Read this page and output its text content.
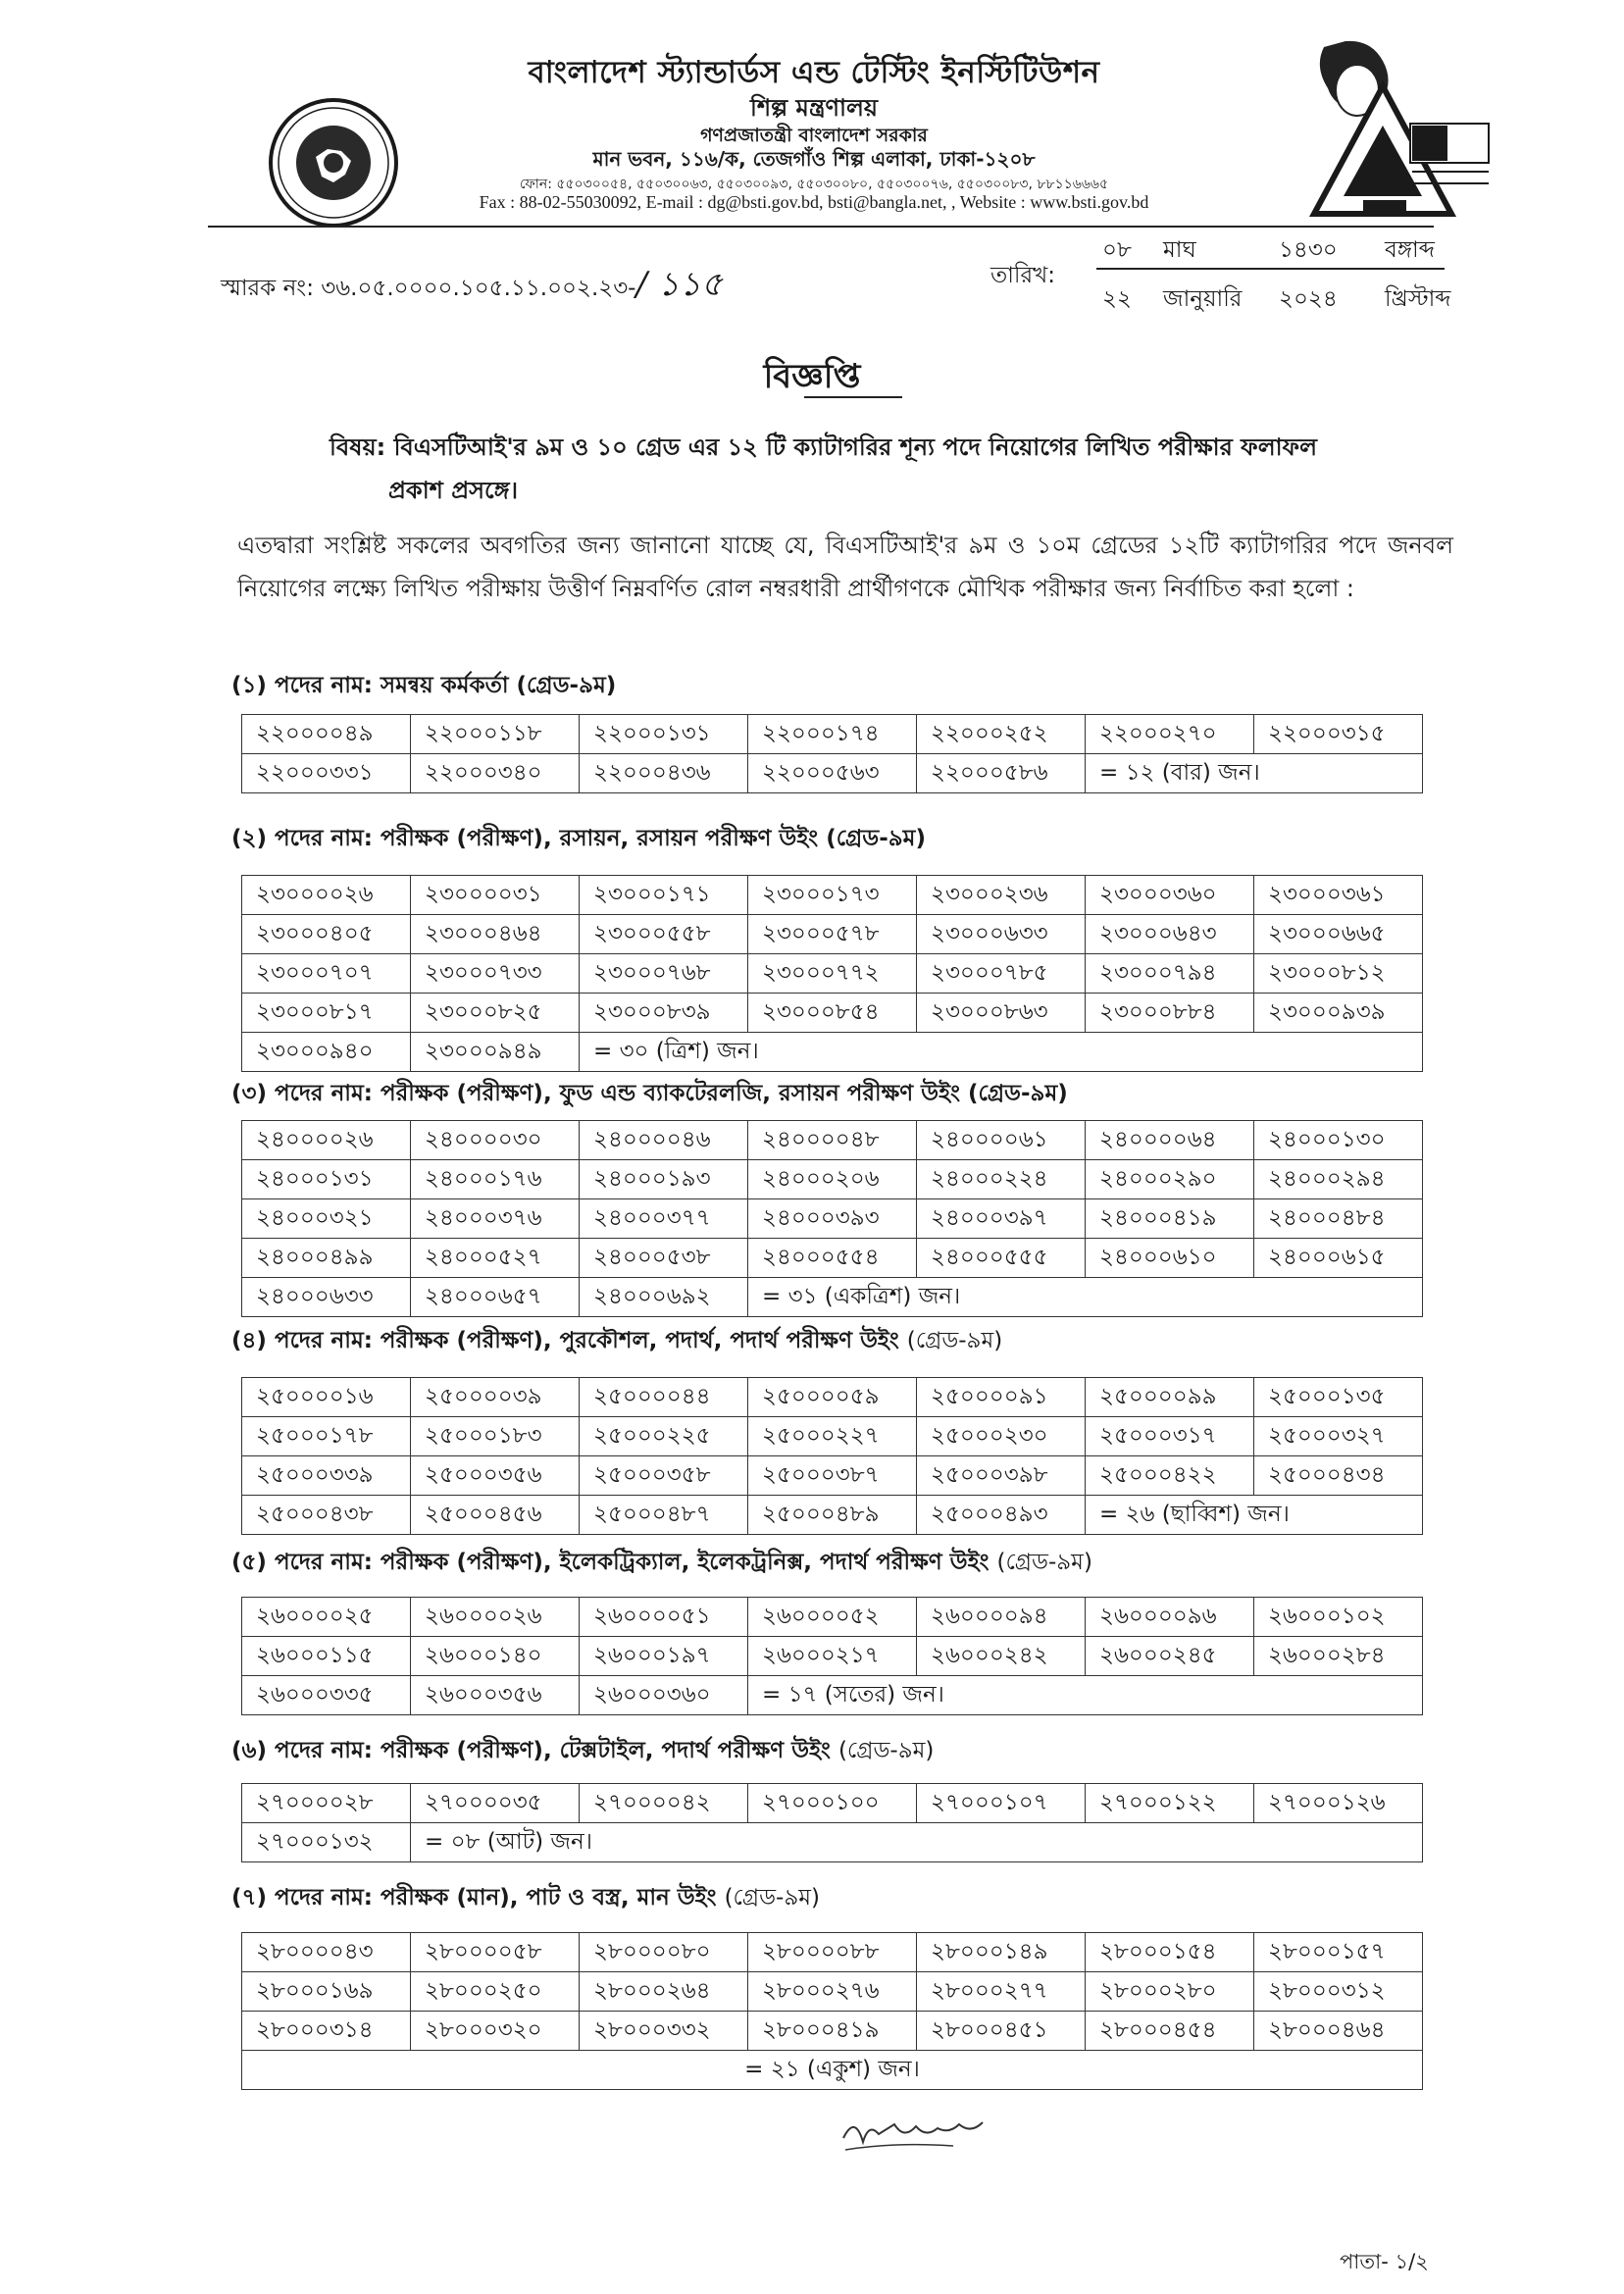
বাংলাদেশ স্ট্যান্ডার্ডস এন্ড টেস্টিং ইনস্টিটিউশন
শিল্প মন্ত্রণালয়
গণপ্রজাতন্ত্রী বাংলাদেশ সরকার
মান ভবন, ১১৬/ক, তেজগাঁও শিল্প এলাকা, ঢাকা-১২০৮
ফোন: ৫৫০৩০০৫৪, ৫৫০৩০০৬৩, ৫৫০৩০০৯৩, ৫৫০৩০০৮০, ৫৫০৩০০৭৬, ৫৫০৩০০৮৩, ৮৮১১৬৬৬৫
Fax : 88-02-55030092, E-mail : dg@bsti.gov.bd, bsti@bangla.net, , Website : www.bsti.gov.bd
স্মারক নং: ৩৬.০৫.০০০০.১০৫.১১.০০২.২৩-/ ১১৫	তারিখ:
০৮	মাঘ	১৪৩০	বঙ্গাব্দ
২২	জানুয়ারি	২০২৪	খ্রিস্টাব্দ
বিজ্ঞপ্তি
বিষয়: বিএসটিআই'র ৯ম ও ১০ গ্রেড এর ১২ টি ক্যাটাগরির শূন্য পদে নিয়োগের লিখিত পরীক্ষার ফলাফল
প্রকাশ প্রসঙ্গে।
এতদ্বারা সংশ্লিষ্ট সকলের অবগতির জন্য জানানো যাচ্ছে যে, বিএসটিআই'র ৯ম ও ১০ম গ্রেডের ১২টি ক্যাটাগরির পদে জনবল নিয়োগের লক্ষ্যে লিখিত পরীক্ষায় উত্তীর্ণ নিম্নবর্ণিত রোল নম্বরধারী প্রার্থীগণকে মৌখিক পরীক্ষার জন্য নির্বাচিত করা হলো :
(১) পদের নাম: সমন্বয় কর্মকর্তা (গ্রেড-৯ম)
২২০০০০৪৯	২২০০০১১৮	২২০০০১৩১	২২০০০১৭৪	২২০০০২৫২	২২০০০২৭০	২২০০০৩১৫
২২০০০৩৩১	২২০০০৩৪০	২২০০০৪৩৬	২২০০০৫৬৩	২২০০০৫৮৬	= ১২ (বার) জন।	
(২) পদের নাম: পরীক্ষক (পরীক্ষণ), রসায়ন, রসায়ন পরীক্ষণ উইং (গ্রেড-৯ম)
২৩০০০০২৬	২৩০০০০৩১	২৩০০০১৭১	২৩০০০১৭৩	২৩০০০২৩৬	২৩০০০৩৬০	২৩০০০৩৬১
২৩০০০৪০৫	২৩০০০৪৬৪	২৩০০০৫৫৮	২৩০০০৫৭৮	২৩০০০৬৩৩	২৩০০০৬৪৩	২৩০০০৬৬৫
২৩০০০৭০৭	২৩০০০৭৩৩	২৩০০০৭৬৮	২৩০০০৭৭২	২৩০০০৭৮৫	২৩০০০৭৯৪	২৩০০০৮১২
২৩০০০৮১৭	২৩০০০৮২৫	২৩০০০৮৩৯	২৩০০০৮৫৪	২৩০০০৮৬৩	২৩০০০৮৮৪	২৩০০০৯৩৯
২৩০০০৯৪০	২৩০০০৯৪৯	= ৩০ (ত্রিশ) জন।				
(৩) পদের নাম: পরীক্ষক (পরীক্ষণ), ফুড এন্ড ব্যাকটেরলজি, রসায়ন পরীক্ষণ উইং (গ্রেড-৯ম)
২৪০০০০২৬	২৪০০০০৩০	২৪০০০০৪৬	২৪০০০০৪৮	২৪০০০০৬১	২৪০০০০৬৪	২৪০০০১৩০
২৪০০০১৩১	২৪০০০১৭৬	২৪০০০১৯৩	২৪০০০২০৬	২৪০০০২২৪	২৪০০০২৯০	২৪০০০২৯৪
২৪০০০৩২১	২৪০০০৩৭৬	২৪০০০৩৭৭	২৪০০০৩৯৩	২৪০০০৩৯৭	২৪০০০৪১৯	২৪০০০৪৮৪
২৪০০০৪৯৯	২৪০০০৫২৭	২৪০০০৫৩৮	২৪০০০৫৫৪	২৪০০০৫৫৫	২৪০০০৬১০	২৪০০০৬১৫
২৪০০০৬৩৩	২৪০০০৬৫৭	২৪০০০৬৯২	= ৩১ (একত্রিশ) জন।			
(৪) পদের নাম: পরীক্ষক (পরীক্ষণ), পুরকৌশল, পদার্থ, পদার্থ পরীক্ষণ উইং (গ্রেড-৯ম)
২৫০০০০১৬	২৫০০০০৩৯	২৫০০০০৪৪	২৫০০০০৫৯	২৫০০০০৯১	২৫০০০০৯৯	২৫০০০১৩৫
২৫০০০১৭৮	২৫০০০১৮৩	২৫০০০২২৫	২৫০০০২২৭	২৫০০০২৩০	২৫০০০৩১৭	২৫০০০৩২৭
২৫০০০৩৩৯	২৫০০০৩৫৬	২৫০০০৩৫৮	২৫০০০৩৮৭	২৫০০০৩৯৮	২৫০০০৪২২	২৫০০০৪৩৪
২৫০০০৪৩৮	২৫০০০৪৫৬	২৫০০০৪৮৭	২৫০০০৪৮৯	২৫০০০৪৯৩	= ২৬ (ছাব্বিশ) জন।	
(৫) পদের নাম: পরীক্ষক (পরীক্ষণ), ইলেকট্রিক্যাল, ইলেকট্রনিক্স, পদার্থ পরীক্ষণ উইং (গ্রেড-৯ম)
২৬০০০০২৫	২৬০০০০২৬	২৬০০০০৫১	২৬০০০০৫২	২৬০০০০৯৪	২৬০০০০৯৬	২৬০০০১০২
২৬০০০১১৫	২৬০০০১৪০	২৬০০০১৯৭	২৬০০০২১৭	২৬০০০২৪২	২৬০০০২৪৫	২৬০০০২৮৪
২৬০০০৩৩৫	২৬০০০৩৫৬	২৬০০০৩৬০	= ১৭ (সতের) জন।			
(৬) পদের নাম: পরীক্ষক (পরীক্ষণ), টেক্সটাইল, পদার্থ পরীক্ষণ উইং (গ্রেড-৯ম)
২৭০০০০২৮	২৭০০০০৩৫	২৭০০০০৪২	২৭০০০১০০	২৭০০০১০৭	২৭০০০১২২	২৭০০০১২৬
২৭০০০১৩২	= ০৮ (আট) জন।					
(৭) পদের নাম: পরীক্ষক (মান), পাট ও বস্ত্র, মান উইং (গ্রেড-৯ম)
২৮০০০০৪৩	২৮০০০০৫৮	২৮০০০০৮০	২৮০০০০৮৮	২৮০০০১৪৯	২৮০০০১৫৪	২৮০০০১৫৭
২৮০০০১৬৯	২৮০০০২৫০	২৮০০০২৬৪	২৮০০০২৭৬	২৮০০০২৭৭	২৮০০০২৮০	২৮০০০৩১২
২৮০০০৩১৪	২৮০০০৩২০	২৮০০০৩৩২	২৮০০০৪১৯	২৮০০০৪৫১	২৮০০০৪৫৪	২৮০০০৪৬৪
= ২১ (একুশ) জন।						
পাতা- ১/২
